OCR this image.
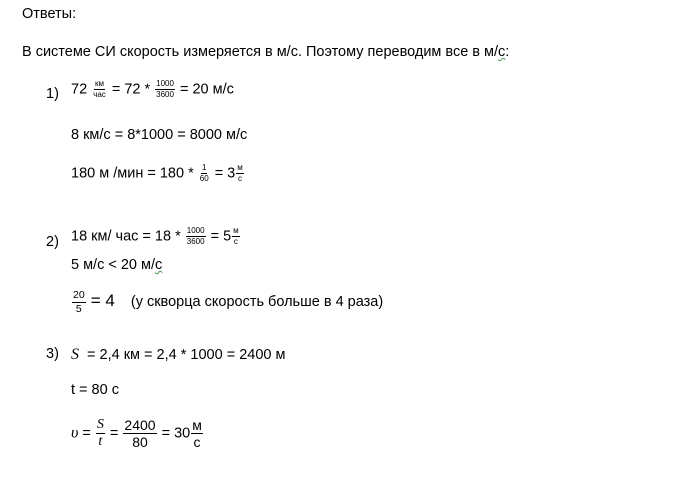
Ответы:
В системе СИ скорость измеряется в м/с. Поэтому переводим все в м/с:
1) $72 \frac{км}{\text{час}} = 72 * \frac{1000}{3600} = 20$ м/с
8 км/с = 8*1000 = 8000 м/с
180 м $/мин = 180 * \frac{1}{60} = 3 \frac{м}{с}$
2) 18 км/ час = $18 * \frac{1000}{3600} = 5 \frac{м}{с}$
5 м/с < 20 м/с
$\frac{20}{5} = 4$ (у скворца скорость больше в 4 раза)
3) S = 2,4 км = 2,4 * 1000 = 2400 м
t = 80 с
$\upsilon = \frac{S}{t} = \frac{2400}{80} = 30 \frac{м}{с}$
